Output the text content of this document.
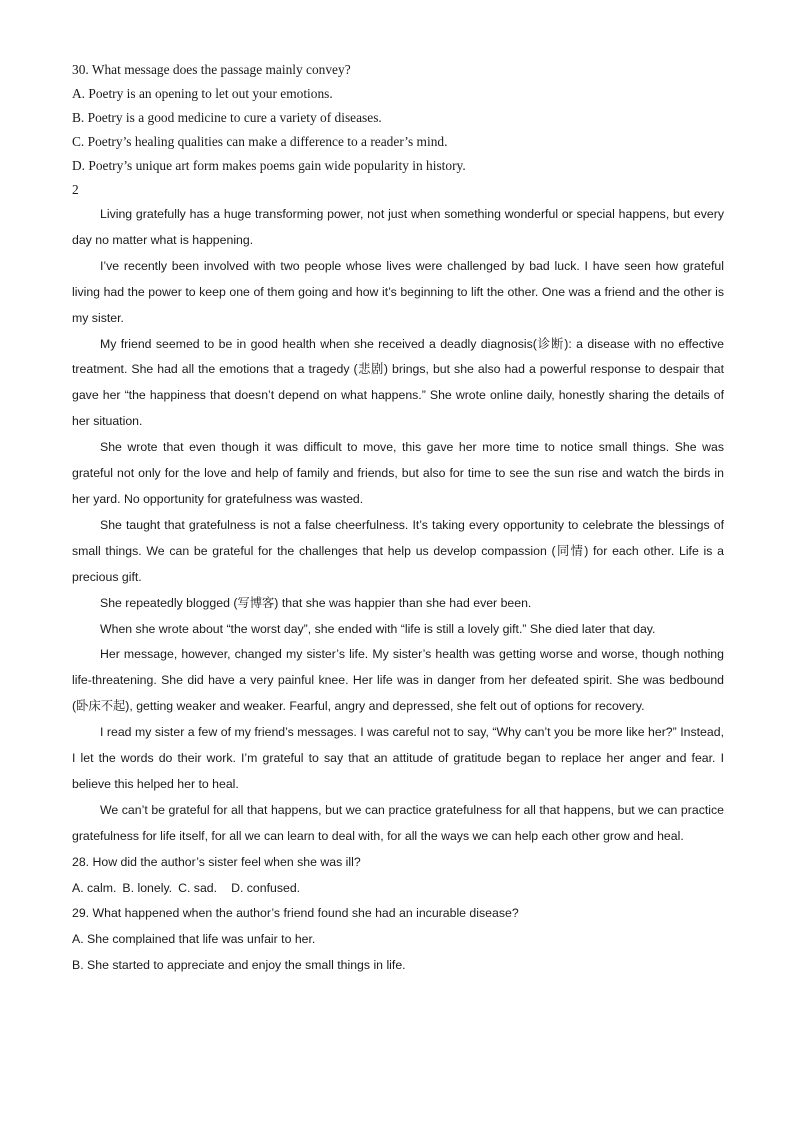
30. What message does the passage mainly convey?
A. Poetry is an opening to let out your emotions.
B. Poetry is a good medicine to cure a variety of diseases.
C. Poetry’s healing qualities can make a difference to a reader’s mind.
D. Poetry’s unique art form makes poems gain wide popularity in history.
2

Living gratefully has a huge transforming power, not just when something wonderful or special happens, but every day no matter what is happening.

I’ve recently been involved with two people whose lives were challenged by bad luck. I have seen how grateful living had the power to keep one of them going and how it’s beginning to lift the other. One was a friend and the other is my sister.

My friend seemed to be in good health when she received a deadly diagnosis(诊断): a disease with no effective treatment. She had all the emotions that a tragedy (悲剧) brings, but she also had a powerful response to despair that gave her “the happiness that doesn’t depend on what happens.” She wrote online daily, honestly sharing the details of her situation.

She wrote that even though it was difficult to move, this gave her more time to notice small things. She was grateful not only for the love and help of family and friends, but also for time to see the sun rise and watch the birds in her yard. No opportunity for gratefulness was wasted.

She taught that gratefulness is not a false cheerfulness. It’s taking every opportunity to celebrate the blessings of small things. We can be grateful for the challenges that help us develop compassion (同情) for each other. Life is a precious gift.

She repeatedly blogged (写博客) that she was happier than she had ever been.

When she wrote about “the worst day”, she ended with “life is still a lovely gift.” She died later that day.

Her message, however, changed my sister’s life. My sister’s health was getting worse and worse, though nothing life-threatening. She did have a very painful knee. Her life was in danger from her defeated spirit. She was bedbound (卧床不起), getting weaker and weaker. Fearful, angry and depressed, she felt out of options for recovery.

I read my sister a few of my friend’s messages. I was careful not to say, “Why can’t you be more like her?” Instead, I let the words do their work. I’m grateful to say that an attitude of gratitude began to replace her anger and fear. I believe this helped her to heal.

We can’t be grateful for all that happens, but we can practice gratefulness for all that happens, but we can practice gratefulness for life itself, for all we can learn to deal with, for all the ways we can help each other grow and heal.

28. How did the author’s sister feel when she was ill?
A. calm. B. lonely. C. sad. D. confused.
29. What happened when the author’s friend found she had an incurable disease?
A. She complained that life was unfair to her.
B. She started to appreciate and enjoy the small things in life.
